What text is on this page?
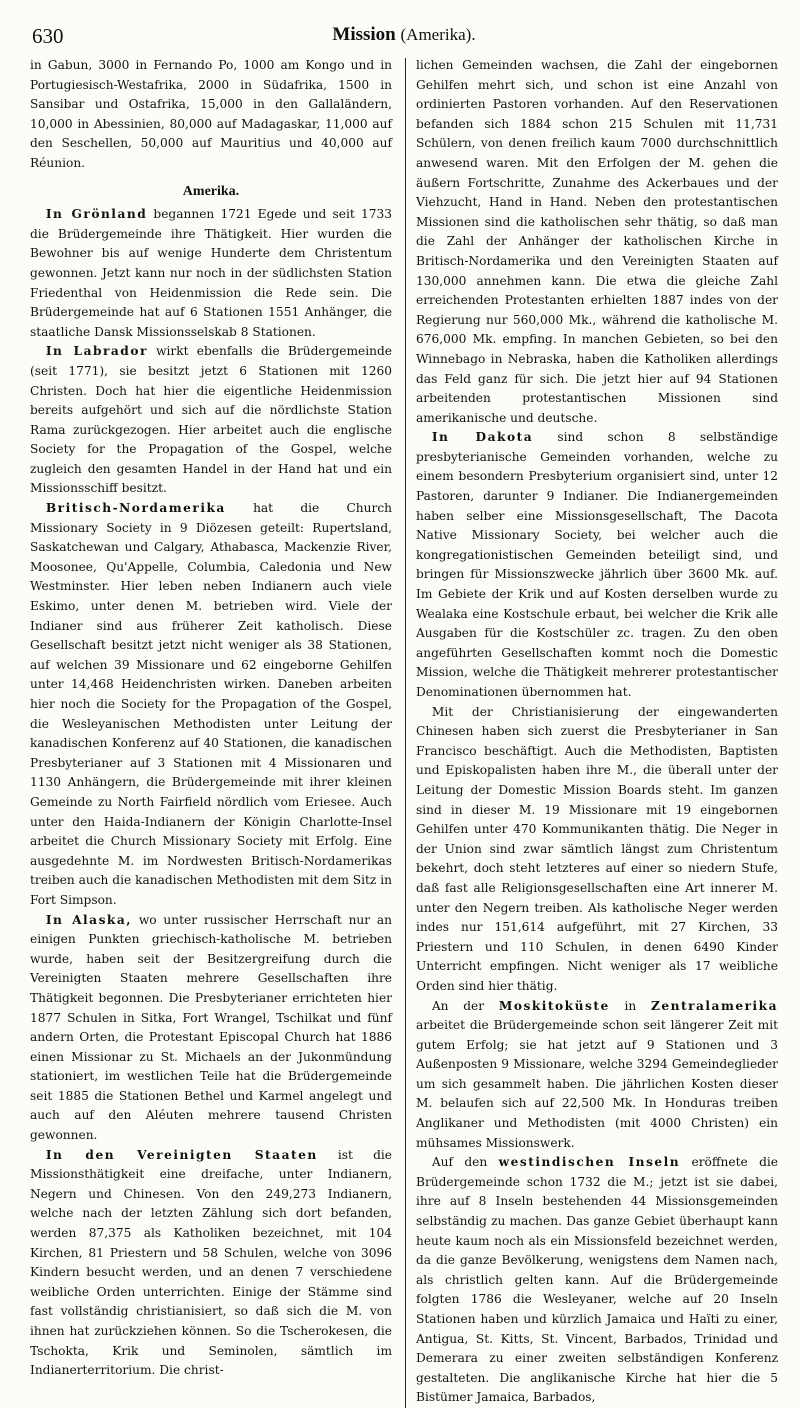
630	Mission (Amerika).

in Gabun, 3000 in Fernando Po, 1000 am Kongo und in Portugiesisch-Westafrika, 2000 in Südafrika, 1500 in Sansibar und Ostafrika, 15,000 in den Gallaländern, 10,000 in Abessinien, 80,000 auf Madagaskar, 11,000 auf den Seschellen, 50,000 auf Mauritius und 40,000 auf Réunion.

Amerika.

In Grönland begannen 1721 Egede und seit 1733 die Brüdergemeinde ihre Thätigkeit. Hier wurden die Bewohner bis auf wenige Hunderte dem Christentum gewonnen. Jetzt kann nur noch in der südlichsten Station Friedenthal von Heidenmission die Rede sein. Die Brüdergemeinde hat auf 6 Stationen 1551 Anhänger, die staatliche Dansk Missionsselskab 8 Stationen.

In Labrador wirkt ebenfalls die Brüdergemeinde (seit 1771), sie besitzt jetzt 6 Stationen mit 1260 Christen. Doch hat hier die eigentliche Heidenmission bereits aufgehört und sich auf die nördlichste Station Rama zurückgezogen. Hier arbeitet auch die englische Society for the Propagation of the Gospel, welche zugleich den gesamten Handel in der Hand hat und ein Missionsschiff besitzt.

Britisch-Nordamerika hat die Church Missionary Society in 9 Diözesen geteilt: Rupertsland, Saskatchewan und Calgary, Athabasca, Mackenzie River, Moosonee, Qu'Appelle, Columbia, Caledonia und New Westminster. Hier leben neben Indianern auch viele Eskimo, unter denen M. betrieben wird. Viele der Indianer sind aus früherer Zeit katholisch. Diese Gesellschaft besitzt jetzt nicht weniger als 38 Stationen, auf welchen 39 Missionare und 62 eingeborne Gehilfen unter 14,468 Heidenchristen wirken. Daneben arbeiten hier noch die Society for the Propagation of the Gospel, die Wesleyanischen Methodisten unter Leitung der kanadischen Konferenz auf 40 Stationen, die kanadischen Presbyterianer auf 3 Stationen mit 4 Missionaren und 1130 Anhängern, die Brüdergemeinde mit ihrer kleinen Gemeinde zu North Fairfield nördlich vom Eriesee. Auch unter den Haida-Indianern der Königin Charlotte-Insel arbeitet die Church Missionary Society mit Erfolg. Eine ausgedehnte M. im Nordwesten Britisch-Nordamerikas treiben auch die kanadischen Methodisten mit dem Sitz in Fort Simpson.

In Alaska, wo unter russischer Herrschaft nur an einigen Punkten griechisch-katholische M. betrieben wurde, haben seit der Besitzergreifung durch die Vereinigten Staaten mehrere Gesellschaften ihre Thätigkeit begonnen. Die Presbyterianer errichteten hier 1877 Schulen in Sitka, Fort Wrangel, Tschilkat und fünf andern Orten, die Protestant Episcopal Church hat 1886 einen Missionar zu St. Michaels an der Jukonmündung stationiert, im westlichen Teile hat die Brüdergemeinde seit 1885 die Stationen Bethel und Karmel angelegt und auch auf den Aléuten mehrere tausend Christen gewonnen.

In den Vereinigten Staaten ist die Missionsthätigkeit eine dreifache, unter Indianern, Negern und Chinesen. Von den 249,273 Indianern, welche nach der letzten Zählung sich dort befanden, werden 87,375 als Katholiken bezeichnet, mit 104 Kirchen, 81 Priestern und 58 Schulen, welche von 3096 Kindern besucht werden, und an denen 7 verschiedene weibliche Orden unterrichten. Einige der Stämme sind fast vollständig christianisiert, so daß sich die M. von ihnen hat zurückziehen können. So die Tscherokesen, die Tschokta, Krik und Seminolen, sämtlich im Indianerterritorium. Die christ-

lichen Gemeinden wachsen, die Zahl der eingebornen Gehilfen mehrt sich, und schon ist eine Anzahl von ordinierten Pastoren vorhanden. Auf den Reservationen befanden sich 1884 schon 215 Schulen mit 11,731 Schülern, von denen freilich kaum 7000 durchschnittlich anwesend waren. Mit den Erfolgen der M. gehen die äußern Fortschritte, Zunahme des Ackerbaues und der Viehzucht, Hand in Hand. Neben den protestantischen Missionen sind die katholischen sehr thätig, so daß man die Zahl der Anhänger der katholischen Kirche in Britisch-Nordamerika und den Vereinigten Staaten auf 130,000 annehmen kann. Die etwa die gleiche Zahl erreichenden Protestanten erhielten 1887 indes von der Regierung nur 560,000 Mk., während die katholische M. 676,000 Mk. empfing. In manchen Gebieten, so bei den Winnebago in Nebraska, haben die Katholiken allerdings das Feld ganz für sich. Die jetzt hier auf 94 Stationen arbeitenden protestantischen Missionen sind amerikanische und deutsche.

In Dakota sind schon 8 selbständige presbyterianische Gemeinden vorhanden, welche zu einem besondern Presbyterium organisiert sind, unter 12 Pastoren, darunter 9 Indianer. Die Indianergemeinden haben selber eine Missionsgesellschaft, The Dacota Native Missionary Society, bei welcher auch die kongregationistischen Gemeinden beteiligt sind, und bringen für Missionszwecke jährlich über 3600 Mk. auf. Im Gebiete der Krik und auf Kosten derselben wurde zu Wealaka eine Kostschule erbaut, bei welcher die Krik alle Ausgaben für die Kostschüler zc. tragen. Zu den oben angeführten Gesellschaften kommt noch die Domestic Mission, welche die Thätigkeit mehrerer protestantischer Denominationen übernommen hat.

Mit der Christianisierung der eingewanderten Chinesen haben sich zuerst die Presbyterianer in San Francisco beschäftigt. Auch die Methodisten, Baptisten und Episkopalisten haben ihre M., die überall unter der Leitung der Domestic Mission Boards steht. Im ganzen sind in dieser M. 19 Missionare mit 19 eingebornen Gehilfen unter 470 Kommunikanten thätig. Die Neger in der Union sind zwar sämtlich längst zum Christentum bekehrt, doch steht letzteres auf einer so niedern Stufe, daß fast alle Religionsgesellschaften eine Art innerer M. unter den Negern treiben. Als katholische Neger werden indes nur 151,614 aufgeführt, mit 27 Kirchen, 33 Priestern und 110 Schulen, in denen 6490 Kinder Unterricht empfingen. Nicht weniger als 17 weibliche Orden sind hier thätig.

An der Moskitoküste in Zentralamerika arbeitet die Brüdergemeinde schon seit längerer Zeit mit gutem Erfolg; sie hat jetzt auf 9 Stationen und 3 Außenposten 9 Missionare, welche 3294 Gemeindeglieder um sich gesammelt haben. Die jährlichen Kosten dieser M. belaufen sich auf 22,500 Mk. In Honduras treiben Anglikaner und Methodisten (mit 4000 Christen) ein mühsames Missionswerk.

Auf den westindischen Inseln eröffnete die Brüdergemeinde schon 1732 die M.; jetzt ist sie dabei, ihre auf 8 Inseln bestehenden 44 Missionsgemeinden selbständig zu machen. Das ganze Gebiet überhaupt kann heute kaum noch als ein Missionsfeld bezeichnet werden, da die ganze Bevölkerung, wenigstens dem Namen nach, als christlich gelten kann. Auf die Brüdergemeinde folgten 1786 die Wesleyaner, welche auf 20 Inseln Stationen haben und kürzlich Jamaica und Haïti zu einer, Antigua, St. Kitts, St. Vincent, Barbados, Trinidad und Demerara zu einer zweiten selbständigen Konferenz gestalteten. Die anglikanische Kirche hat hier die 5 Bistümer Jamaica, Barbados,
